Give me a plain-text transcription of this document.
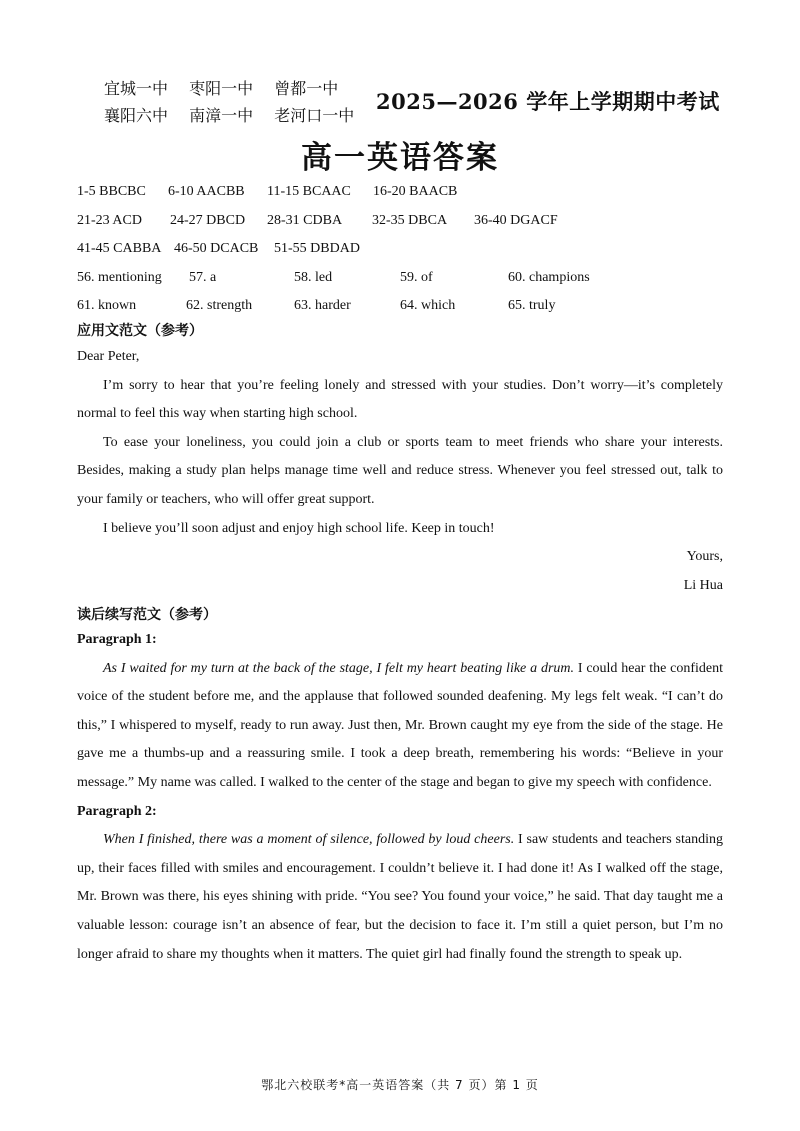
宜城一中 枣阳一中 曾都一中
襄阳六中 南漳一中 老河口一中
2025—2026 学年上学期期中考试
高一英语答案
1-5 BBCBC 6-10 AACBB 11-15 BCAAC 16-20 BAACB
21-23 ACD 24-27 DBCD 28-31 CDBA 32-35 DBCA 36-40 DGACF
41-45 CABBA 46-50 DCACB 51-55 DBDAD
56. mentioning 57. a	58. led	59. of	60. champions
61. known	62. strength	63. harder	64. which	65. truly
应用文范文（参考）

Dear Peter,

I’m sorry to hear that you’re feeling lonely and stressed with your studies. Don’t worry—it’s completely normal to feel this way when starting high school.

To ease your loneliness, you could join a club or sports team to meet friends who share your interests. Besides, making a study plan helps manage time well and reduce stress. Whenever you feel stressed out, talk to your family or teachers, who will offer great support.

I believe you’ll soon adjust and enjoy high school life. Keep in touch!

Yours,

Li Hua

读后续写范文（参考）

Paragraph 1:

As I waited for my turn at the back of the stage, I felt my heart beating like a drum. I could hear the confident voice of the student before me, and the applause that followed sounded deafening. My legs felt weak. “I can’t do this,” I whispered to myself, ready to run away. Just then, Mr. Brown caught my eye from the side of the stage. He gave me a thumbs-up and a reassuring smile. I took a deep breath, remembering his words: “Believe in your message.” My name was called. I walked to the center of the stage and began to give my speech with confidence.

Paragraph 2:

When I finished, there was a moment of silence, followed by loud cheers. I saw students and teachers standing up, their faces filled with smiles and encouragement. I couldn’t believe it. I had done it! As I walked off the stage, Mr. Brown was there, his eyes shining with pride. “You see? You found your voice,” he said. That day taught me a valuable lesson: courage isn’t an absence of fear, but the decision to face it. I’m still a quiet person, but I’m no longer afraid to share my thoughts when it matters. The quiet girl had finally found the strength to speak up.

鄂北六校联考*高一英语答案（共 7 页）第 1 页
